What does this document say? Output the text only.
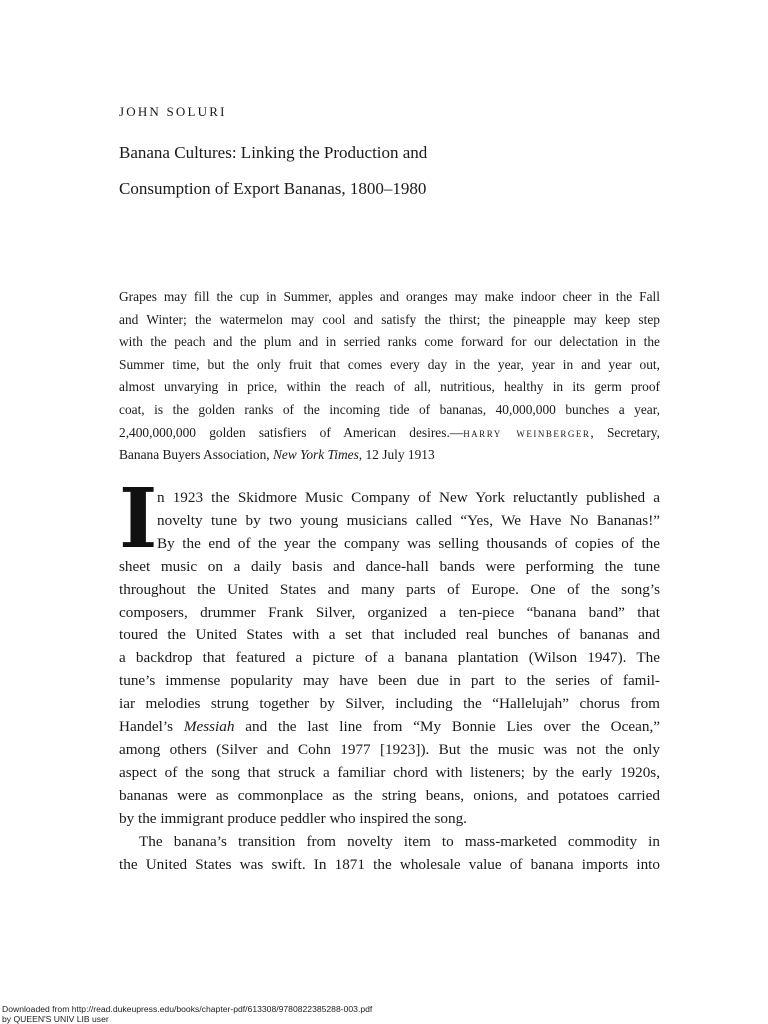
JOHN SOLURI
Banana Cultures: Linking the Production and
Consumption of Export Bananas, 1800–1980
Grapes may fill the cup in Summer, apples and oranges may make indoor cheer in the Fall
and Winter; the watermelon may cool and satisfy the thirst; the pineapple may keep step
with the peach and the plum and in serried ranks come forward for our delectation in the
Summer time, but the only fruit that comes every day in the year, year in and year out,
almost unvarying in price, within the reach of all, nutritious, healthy in its germ proof
coat, is the golden ranks of the incoming tide of bananas, 40,000,000 bunches a year,
2,400,000,000 golden satisfiers of American desires.—harry weinberger, Secretary,
Banana Buyers Association, New York Times, 12 July 1913
I n 1923 the Skidmore Music Company of New York reluctantly published a
novelty tune by two young musicians called “Yes, We Have No Bananas!”
By the end of the year the company was selling thousands of copies of the
sheet music on a daily basis and dance-hall bands were performing the tune
throughout the United States and many parts of Europe. One of the song’s
composers, drummer Frank Silver, organized a ten-piece “banana band” that
toured the United States with a set that included real bunches of bananas and
a backdrop that featured a picture of a banana plantation (Wilson 1947). The
tune’s immense popularity may have been due in part to the series of famil-
iar melodies strung together by Silver, including the “Hallelujah” chorus from
Handel’s Messiah and the last line from “My Bonnie Lies over the Ocean,”
among others (Silver and Cohn 1977 [1923]). But the music was not the only
aspect of the song that struck a familiar chord with listeners; by the early 1920s,
bananas were as commonplace as the string beans, onions, and potatoes carried
by the immigrant produce peddler who inspired the song.
The banana’s transition from novelty item to mass-marketed commodity in
the United States was swift. In 1871 the wholesale value of banana imports into
Downloaded from http://read.dukeupress.edu/books/chapter-pdf/613308/9780822385288-003.pdf
by QUEEN'S UNIV LIB user
